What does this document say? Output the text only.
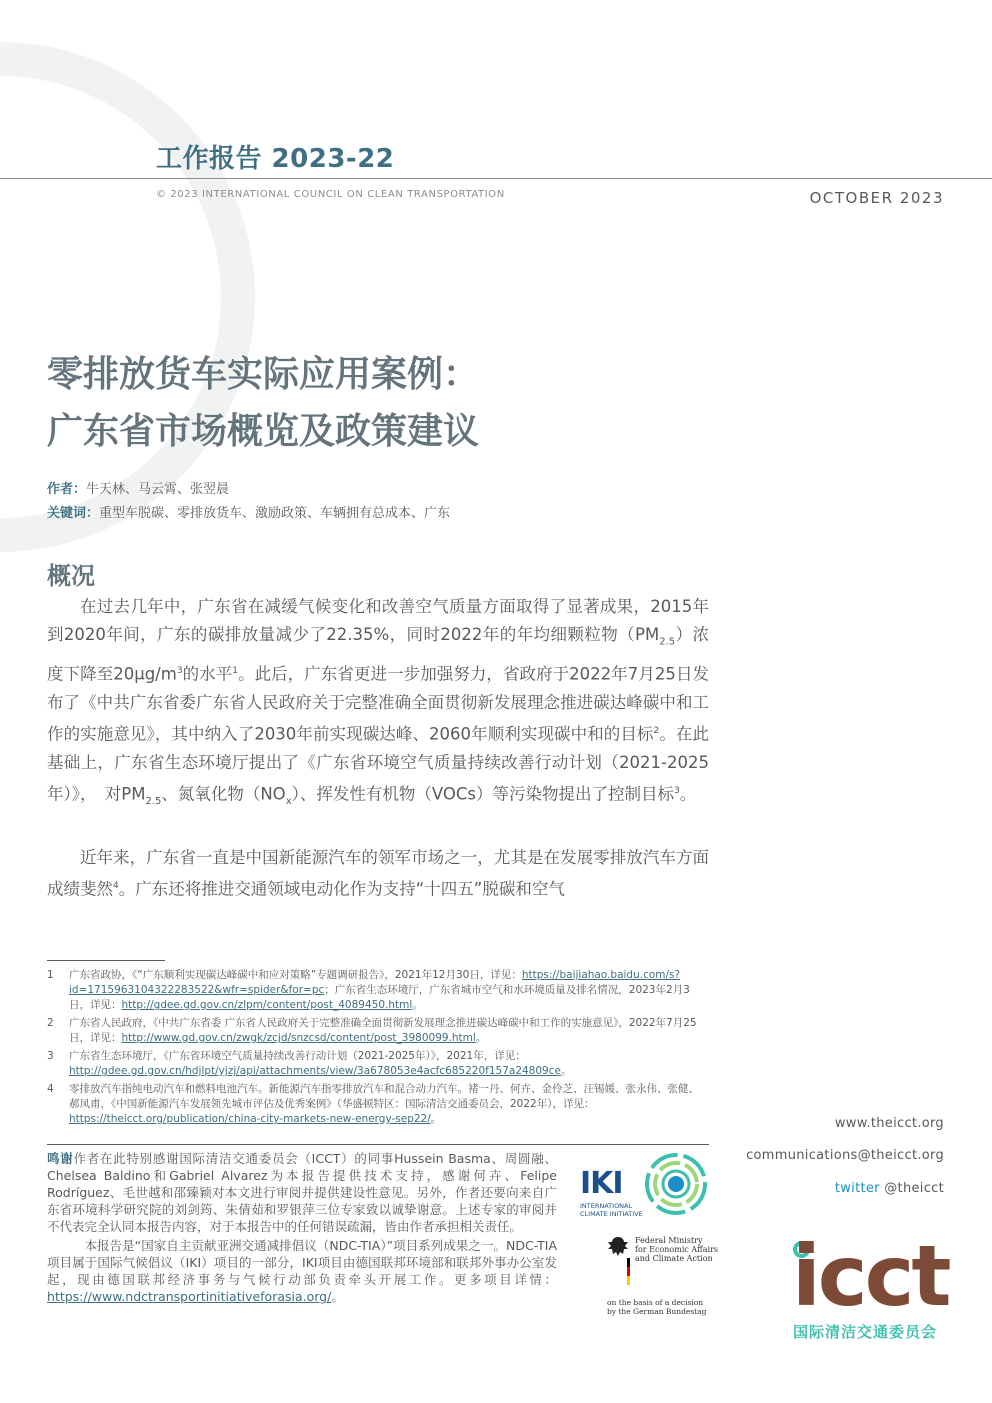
工作报告 2023-22
© 2023 INTERNATIONAL COUNCIL ON CLEAN TRANSPORTATION	OCTOBER 2023
零排放货车实际应用案例：
广东省市场概览及政策建议
作者：牛天林、马云霄、张翌晨
关键词：重型车脱碳、零排放货车、激励政策、车辆拥有总成本、广东
概况

在过去几年中，广东省在减缓气候变化和改善空气质量方面取得了显著成果，2015年到2020年间，广东的碳排放量减少了22.35%，同时2022年的年均细颗粒物$(PM_{2.5})$浓度下降至$20\mu g/m^3$的水平$^1$。此后，广东省更进一步加强努力，省政府于2022年7月25日发布了《中共广东省委广东省人民政府关于完整准确全面贯彻新发展理念推进碳达峰碳中和工作的实施意见》，其中纳入了2030年前实现碳达峰、2060年顺利实现碳中和的目标$^2$。在此基础上，广东省生态环境厅提出了《广东省环境空气质量持续改善行动计划（2021-2025年）》，　对$PM_{2.5}$、氮氧化物$(NO_x)$、挥发性有机物（VOCs）等污染物提出了控制目标$^3$。

近年来，广东省一直是中国新能源汽车的领军市场之一，尤其是在发展零排放汽车方面成绩斐然$^4$。广东还将推进交通领域电动化作为支持“十四五”脱碳和空气

1 广东省政协，《“广东顺利实现碳达峰碳中和应对策略”专题调研报告》，2021年12月30日，详见：https://baijiahao.baidu.com/s?id=1715963104322283522&wfr=spider&for=pc；广东省生态环境厅，广东省城市空气和水环境质量及排名情况，2023年2月3日，详见：http://gdee.gd.gov.cn/zlpm/content/post_4089450.html。
2 广东省人民政府，《中共广东省委 广东省人民政府关于完整准确全面贯彻新发展理念推进碳达峰碳中和工作的实施意见》，2022年7月25日，详见：http://www.gd.gov.cn/zwgk/zcjd/snzcsd/content/post_3980099.html。
3 广东省生态环境厅，《广东省环境空气质量持续改善行动计划（2021-2025年）》，2021年，详见：http://gdee.gd.gov.cn/hdjlpt/yjzj/api/attachments/view/3a678053e4acfc685220f157a24809ce。
4 零排放汽车指纯电动汽车和燃料电池汽车。新能源汽车指零排放汽车和混合动力汽车。褚一丹、何卉、金伶芝、汪锡媛、张永伟、张健、郝凤甫，《中国新能源汽车发展领先城市评估及优秀案例》（华盛顿特区：国际清洁交通委员会，2022年），详见：https://theicct.org/publication/china-city-markets-new-energy-sep22/。

鸣谢作者在此特别感谢国际清洁交通委员会（ICCT）的同事Hussein Basma、周圆融、Chelsea Baldino和Gabriel Alvarez为本报告提供技术支持，感谢何卉、Felipe Rodríguez、毛世越和邵臻颖对本文进行审阅并提供建设性意见。另外，作者还要向来自广东省环境科学研究院的刘剑筠、朱倩茹和罗银萍三位专家致以诚挚谢意。上述专家的审阅并不代表完全认同本报告内容，对于本报告中的任何错误疏漏，皆由作者承担相关责任。

本报告是“国家自主贡献亚洲交通减排倡议（NDC-TIA）”项目系列成果之一。NDC-TIA项目属于国际气候倡议（IKI）项目的一部分，IKI项目由德国联邦环境部和联邦外事办公室发起，现由德国联邦经济事务与气候行动部负责牵头开展工作。更多项目详情：https://www.ndctransportinitiativeforasia.org/。

www.theicct.org
communications@theicct.org
twitter @theicct
IKI
INTERNATIONAL
CLIMATE INITIATIVE
Federal Ministry
for Economic Affairs
and Climate Action
on the basis of a decision
by the German Bundestag icct
国际清洁交通委员会
